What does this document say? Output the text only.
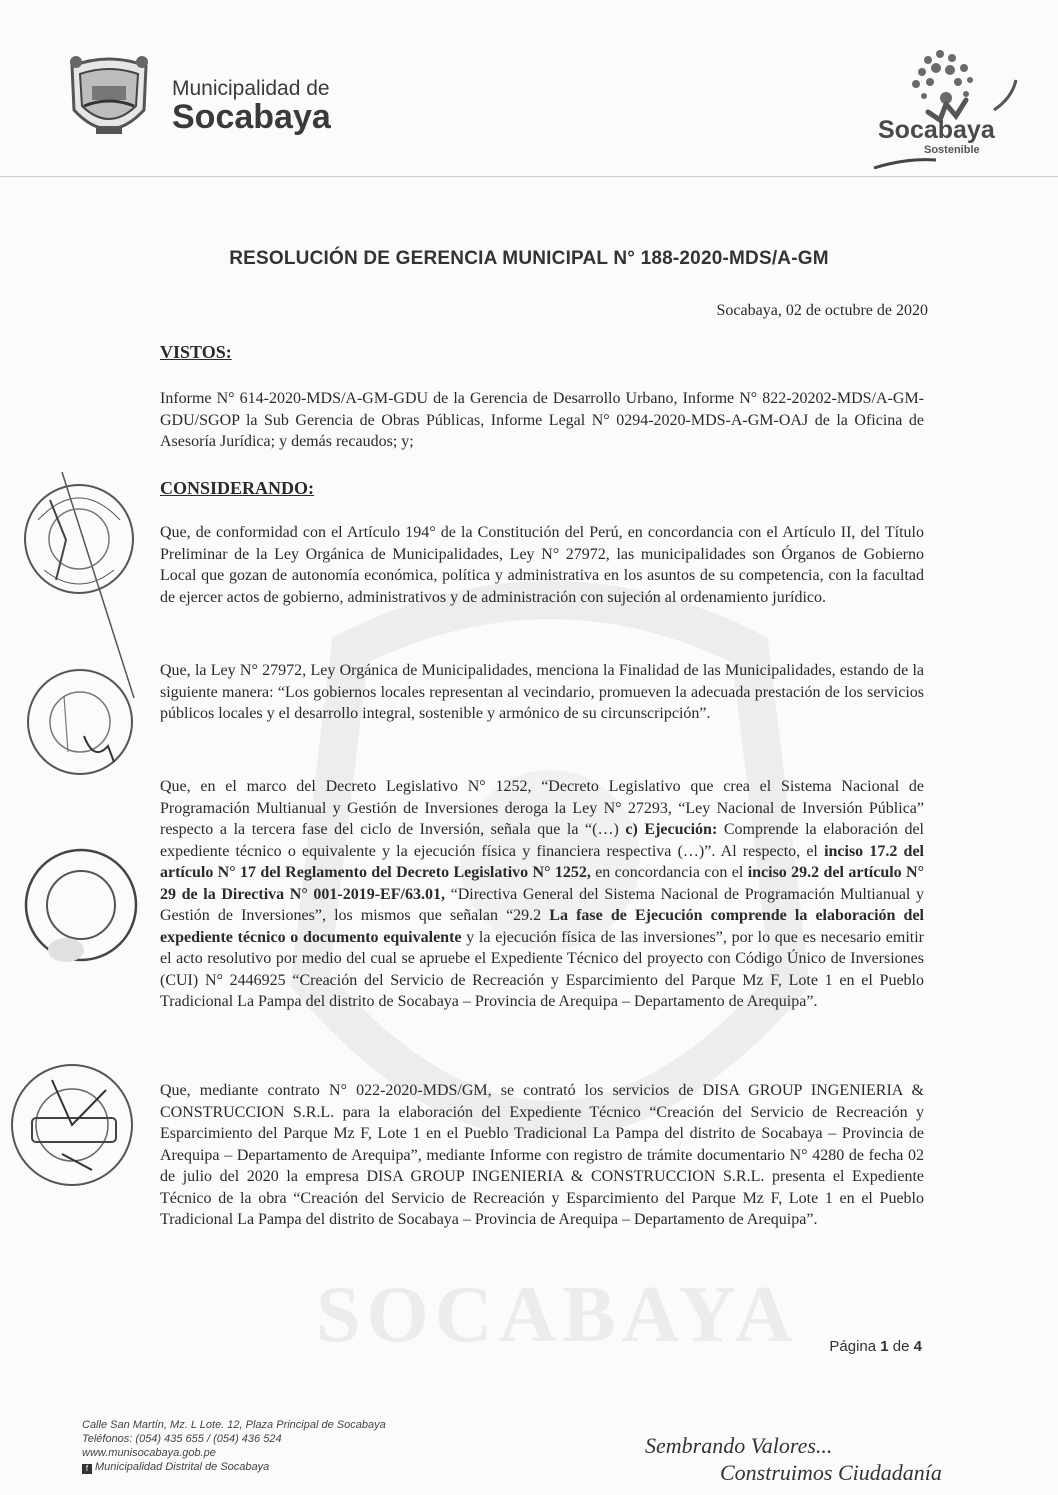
SOCABAYA
Municipalidad de
Socabaya	Socabaya
Sostenible
RESOLUCIÓN DE GERENCIA MUNICIPAL N° 188-2020-MDS/A-GM
Socabaya, 02 de octubre de 2020
VISTOS:

Informe N° 614-2020-MDS/A-GM-GDU de la Gerencia de Desarrollo Urbano, Informe N° 822-20202-MDS/A-GM-GDU/SGOP la Sub Gerencia de Obras Públicas, Informe Legal N° 0294-2020-MDS-A-GM-OAJ de la Oficina de Asesoría Jurídica; y demás recaudos; y;

CONSIDERANDO:

Que, de conformidad con el Artículo 194° de la Constitución del Perú, en concordancia con el Artículo II, del Título Preliminar de la Ley Orgánica de Municipalidades, Ley N° 27972, las municipalidades son Órganos de Gobierno Local que gozan de autonomía económica, política y administrativa en los asuntos de su competencia, con la facultad de ejercer actos de gobierno, administrativos y de administración con sujeción al ordenamiento jurídico.

Que, la Ley N° 27972, Ley Orgánica de Municipalidades, menciona la Finalidad de las Municipalidades, estando de la siguiente manera: “Los gobiernos locales representan al vecindario, promueven la adecuada prestación de los servicios públicos locales y el desarrollo integral, sostenible y armónico de su circunscripción”.

Que, en el marco del Decreto Legislativo N° 1252, “Decreto Legislativo que crea el Sistema Nacional de Programación Multianual y Gestión de Inversiones deroga la Ley N° 27293, “Ley Nacional de Inversión Pública” respecto a la tercera fase del ciclo de Inversión, señala que la “(…) c) Ejecución: Comprende la elaboración del expediente técnico o equivalente y la ejecución física y financiera respectiva (…)”. Al respecto, el inciso 17.2 del artículo N° 17 del Reglamento del Decreto Legislativo N° 1252, en concordancia con el inciso 29.2 del artículo N° 29 de la Directiva N° 001-2019-EF/63.01, “Directiva General del Sistema Nacional de Programación Multianual y Gestión de Inversiones”, los mismos que señalan “29.2 La fase de Ejecución comprende la elaboración del expediente técnico o documento equivalente y la ejecución física de las inversiones”, por lo que es necesario emitir el acto resolutivo por medio del cual se apruebe el Expediente Técnico del proyecto con Código Único de Inversiones (CUI) N° 2446925 “Creación del Servicio de Recreación y Esparcimiento del Parque Mz F, Lote 1 en el Pueblo Tradicional La Pampa del distrito de Socabaya – Provincia de Arequipa – Departamento de Arequipa”.

Que, mediante contrato N° 022-2020-MDS/GM, se contrató los servicios de DISA GROUP INGENIERIA & CONSTRUCCION S.R.L. para la elaboración del Expediente Técnico “Creación del Servicio de Recreación y Esparcimiento del Parque Mz F, Lote 1 en el Pueblo Tradicional La Pampa del distrito de Socabaya – Provincia de Arequipa – Departamento de Arequipa”, mediante Informe con registro de trámite documentario N° 4280 de fecha 02 de julio del 2020 la empresa DISA GROUP INGENIERIA & CONSTRUCCION S.R.L. presenta el Expediente Técnico de la obra “Creación del Servicio de Recreación y Esparcimiento del Parque Mz F, Lote 1 en el Pueblo Tradicional La Pampa del distrito de Socabaya – Provincia de Arequipa – Departamento de Arequipa”.

Página 1 de 4
Calle San Martín, Mz. L Lote. 12, Plaza Principal de Socabaya
Teléfonos: (054) 435 655 / (054) 436 524
www.munisocabaya.gob.pe
f Municipalidad Distrital de Socabaya
Sembrando Valores...
Construimos Ciudadanía
